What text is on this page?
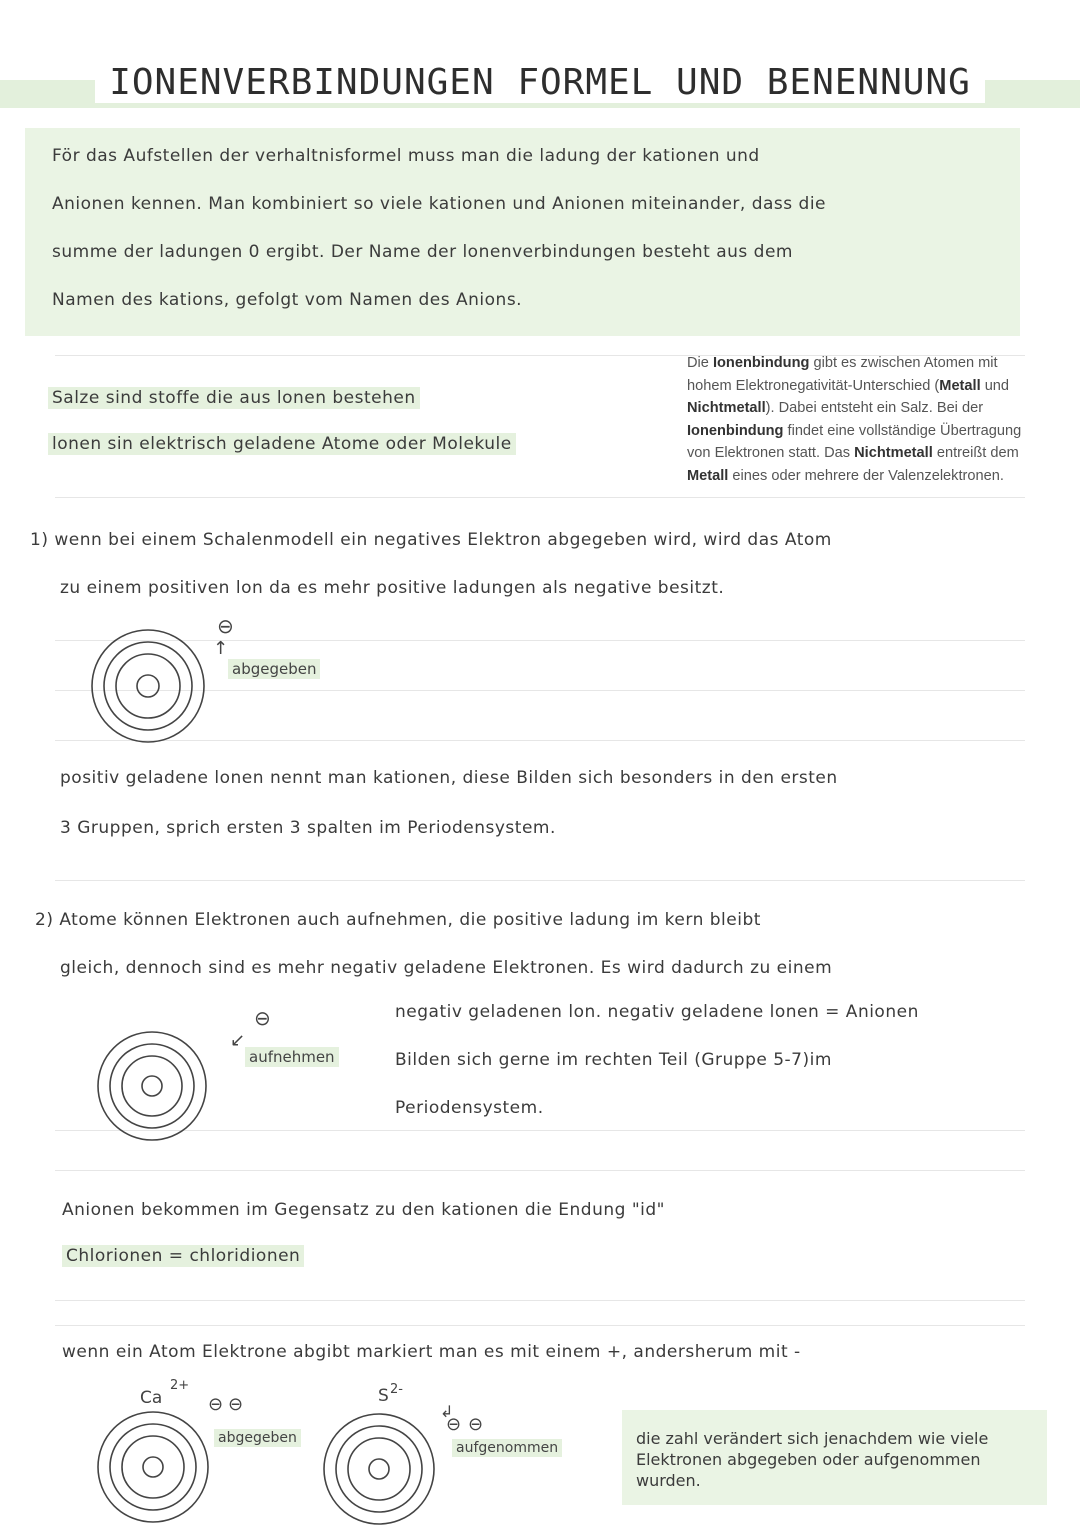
IONENVERBINDUNGEN FORMEL UND BENENNUNG
För das Aufstellen der verhaltnisformel muss man die ladung der kationen und
Anionen kennen. Man kombiniert so viele kationen und Anionen miteinander, dass die
summe der ladungen 0 ergibt. Der Name der lonenverbindungen besteht aus dem
Namen des kations, gefolgt vom Namen des Anions.
Salze sind stoffe die aus lonen bestehen
lonen sin elektrisch geladene Atome oder Molekule
Die Ionenbindung gibt es zwischen Atomen mit hohem Elektronegativität-Unterschied (Metall und Nichtmetall). Dabei entsteht ein Salz. Bei der Ionenbindung findet eine vollständige Übertragung von Elektronen statt. Das Nichtmetall entreißt dem Metall eines oder mehrere der Valenzelektronen.
1) wenn bei einem Schalenmodell ein negatives Elektron abgegeben wird, wird das Atom
zu einem positiven lon da es mehr positive ladungen als negative besitzt.
⊖
↑
abgegeben
positiv geladene lonen nennt man kationen, diese Bilden sich besonders in den ersten
3 Gruppen, sprich ersten 3 spalten im Periodensystem.
2) Atome können Elektronen auch aufnehmen, die positive ladung im kern bleibt
gleich, dennoch sind es mehr negativ geladene Elektronen. Es wird dadurch zu einem
⊖
↙
aufnehmen
negativ geladenen lon. negativ geladene lonen = Anionen
Bilden sich gerne im rechten Teil (Gruppe 5-7)im
Periodensystem.
Anionen bekommen im Gegensatz zu den kationen die Endung "id"
Chlorionen = chloridionen
wenn ein Atom Elektrone abgibt markiert man es mit einem +, andersherum mit -
Ca
2+
⊖ ⊖
abgegeben
S 2-
↲
⊖ ⊖
aufgenommen	die zahl verändert sich jenachdem wie viele Elektronen abgegeben oder aufgenommen wurden.
